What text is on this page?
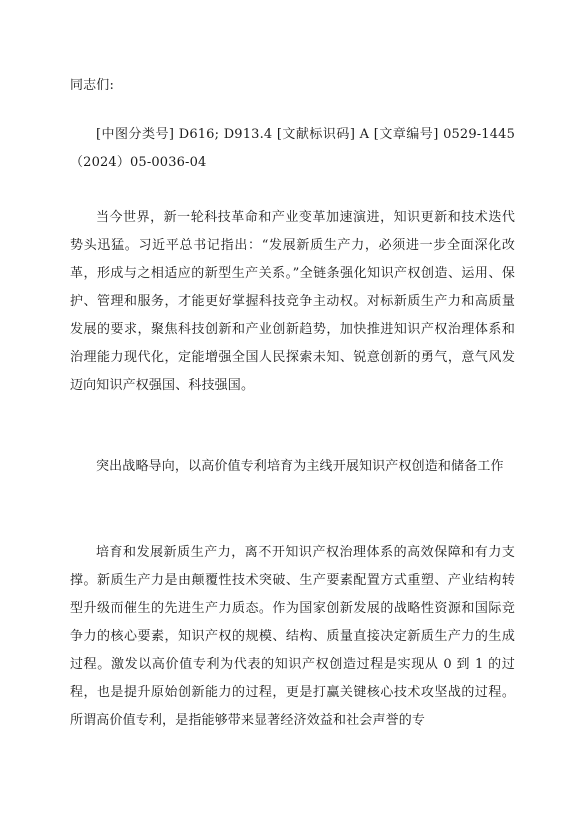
同志们:

[中图分类号] D616; D913.4 [文献标识码] A [文章编号] 0529-1445（2024）05-0036-04

当今世界，新一轮科技革命和产业变革加速演进，知识更新和技术迭代势头迅猛。习近平总书记指出：“发展新质生产力，必须进一步全面深化改革，形成与之相适应的新型生产关系。”全链条强化知识产权创造、运用、保护、管理和服务，才能更好掌握科技竞争主动权。对标新质生产力和高质量发展的要求，聚焦科技创新和产业创新趋势，加快推进知识产权治理体系和治理能力现代化，定能增强全国人民探索未知、锐意创新的勇气，意气风发迈向知识产权强国、科技强国。

突出战略导向，以高价值专利培育为主线开展知识产权创造和储备工作

培育和发展新质生产力，离不开知识产权治理体系的高效保障和有力支撑。新质生产力是由颠覆性技术突破、生产要素配置方式重塑、产业结构转型升级而催生的先进生产力质态。作为国家创新发展的战略性资源和国际竞争力的核心要素，知识产权的规模、结构、质量直接决定新质生产力的生成过程。激发以高价值专利为代表的知识产权创造过程是实现从 0 到 1 的过程，也是提升原始创新能力的过程，更是打赢关键核心技术攻坚战的过程。所谓高价值专利，是指能够带来显著经济效益和社会声誉的专
